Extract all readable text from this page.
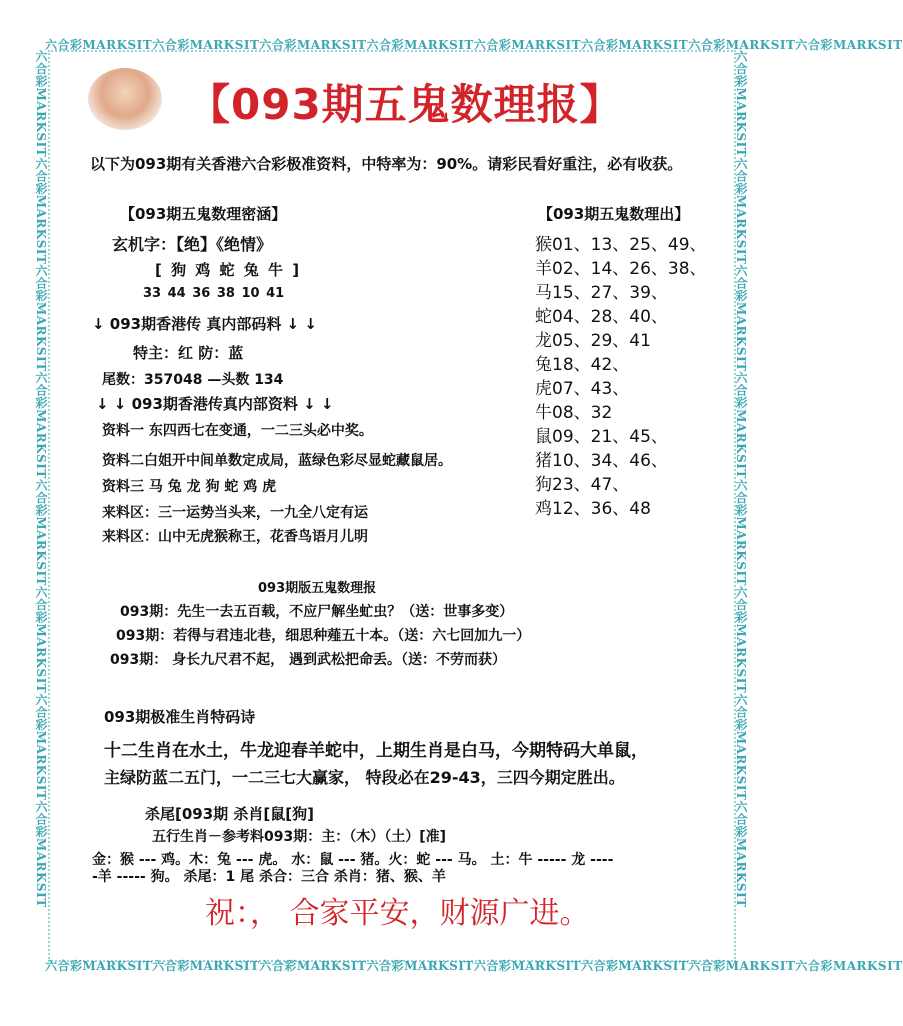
六合彩MARKSIT六合彩MARKSIT六合彩MARKSIT六合彩MARKSIT六合彩MARKSIT六合彩MARKSIT六合彩MARKSIT六合彩MARKSIT
六合彩MARKSIT六合彩MARKSIT六合彩MARKSIT六合彩MARKSIT六合彩MARKSIT六合彩MARKSIT六合彩MARKSIT六合彩MARKSIT
六合彩MARKSIT六合彩MARKSIT六合彩MARKSIT六合彩MARKSIT六合彩MARKSIT六合彩MARKSIT六合彩MARKSIT六合彩MARKSIT	六合彩MARKSIT六合彩MARKSIT六合彩MARKSIT六合彩MARKSIT六合彩MARKSIT六合彩MARKSIT六合彩MARKSIT六合彩MARKSIT
【093期五鬼数理报】
以下为093期有关香港六合彩极准资料，中特率为：90%。请彩民看好重注，必有收获。
【093期五鬼数理密涵】
玄机字：【绝】《绝情》
[ 狗 鸡 蛇 兔 牛 ]
33 44 36 38 10 41
↓ 093期香港传 真内部码料 ↓ ↓
特主：红 防：蓝
尾数：357048 —头数 134
↓ ↓ 093期香港传真内部资料 ↓ ↓
资料一 东四西七在变通，一二三头必中奖。
资料二白姐开中间单数定成局，蓝绿色彩尽显蛇藏鼠居。
资料三 马 兔 龙 狗 蛇 鸡 虎
来料区：三一运势当头来，一九全八定有运
来料区：山中无虎猴称王，花香鸟语月儿明
【093期五鬼数理出】
猴01、13、25、49、
羊02、14、26、38、
马15、27、39、
蛇04、28、40、
龙05、29、41
兔18、42、
虎07、43、
牛08、32
鼠09、21、45、
猪10、34、46、
狗23、47、
鸡12、36、48
093期版五鬼数理报
093期：先生一去五百载，不应尸解坐虻虫？（送：世事多变）
093期：若得与君违北巷，细思种薤五十本。（送：六七回加九一）
093期： 身长九尺君不起， 遇到武松把命丢。（送：不劳而获）
093期极准生肖特码诗
十二生肖在水土，牛龙迎春羊蛇中，上期生肖是白马，今期特码大单鼠，
主绿防蓝二五门，一二三七大赢家， 特段必在29-43，三四今期定胜出。
杀尾[093期 杀肖[鼠[狗]
五行生肖－参考料093期：主：（木）（土）[准]
金：猴 --- 鸡。木：兔 --- 虎。 水：鼠 --- 猪。火：蛇 --- 马。 土：牛 ----- 龙 ----
-羊 ----- 狗。 杀尾：1 尾 杀合：三合 杀肖：猪、猴、羊
祝：， 合家平安，财源广进。
